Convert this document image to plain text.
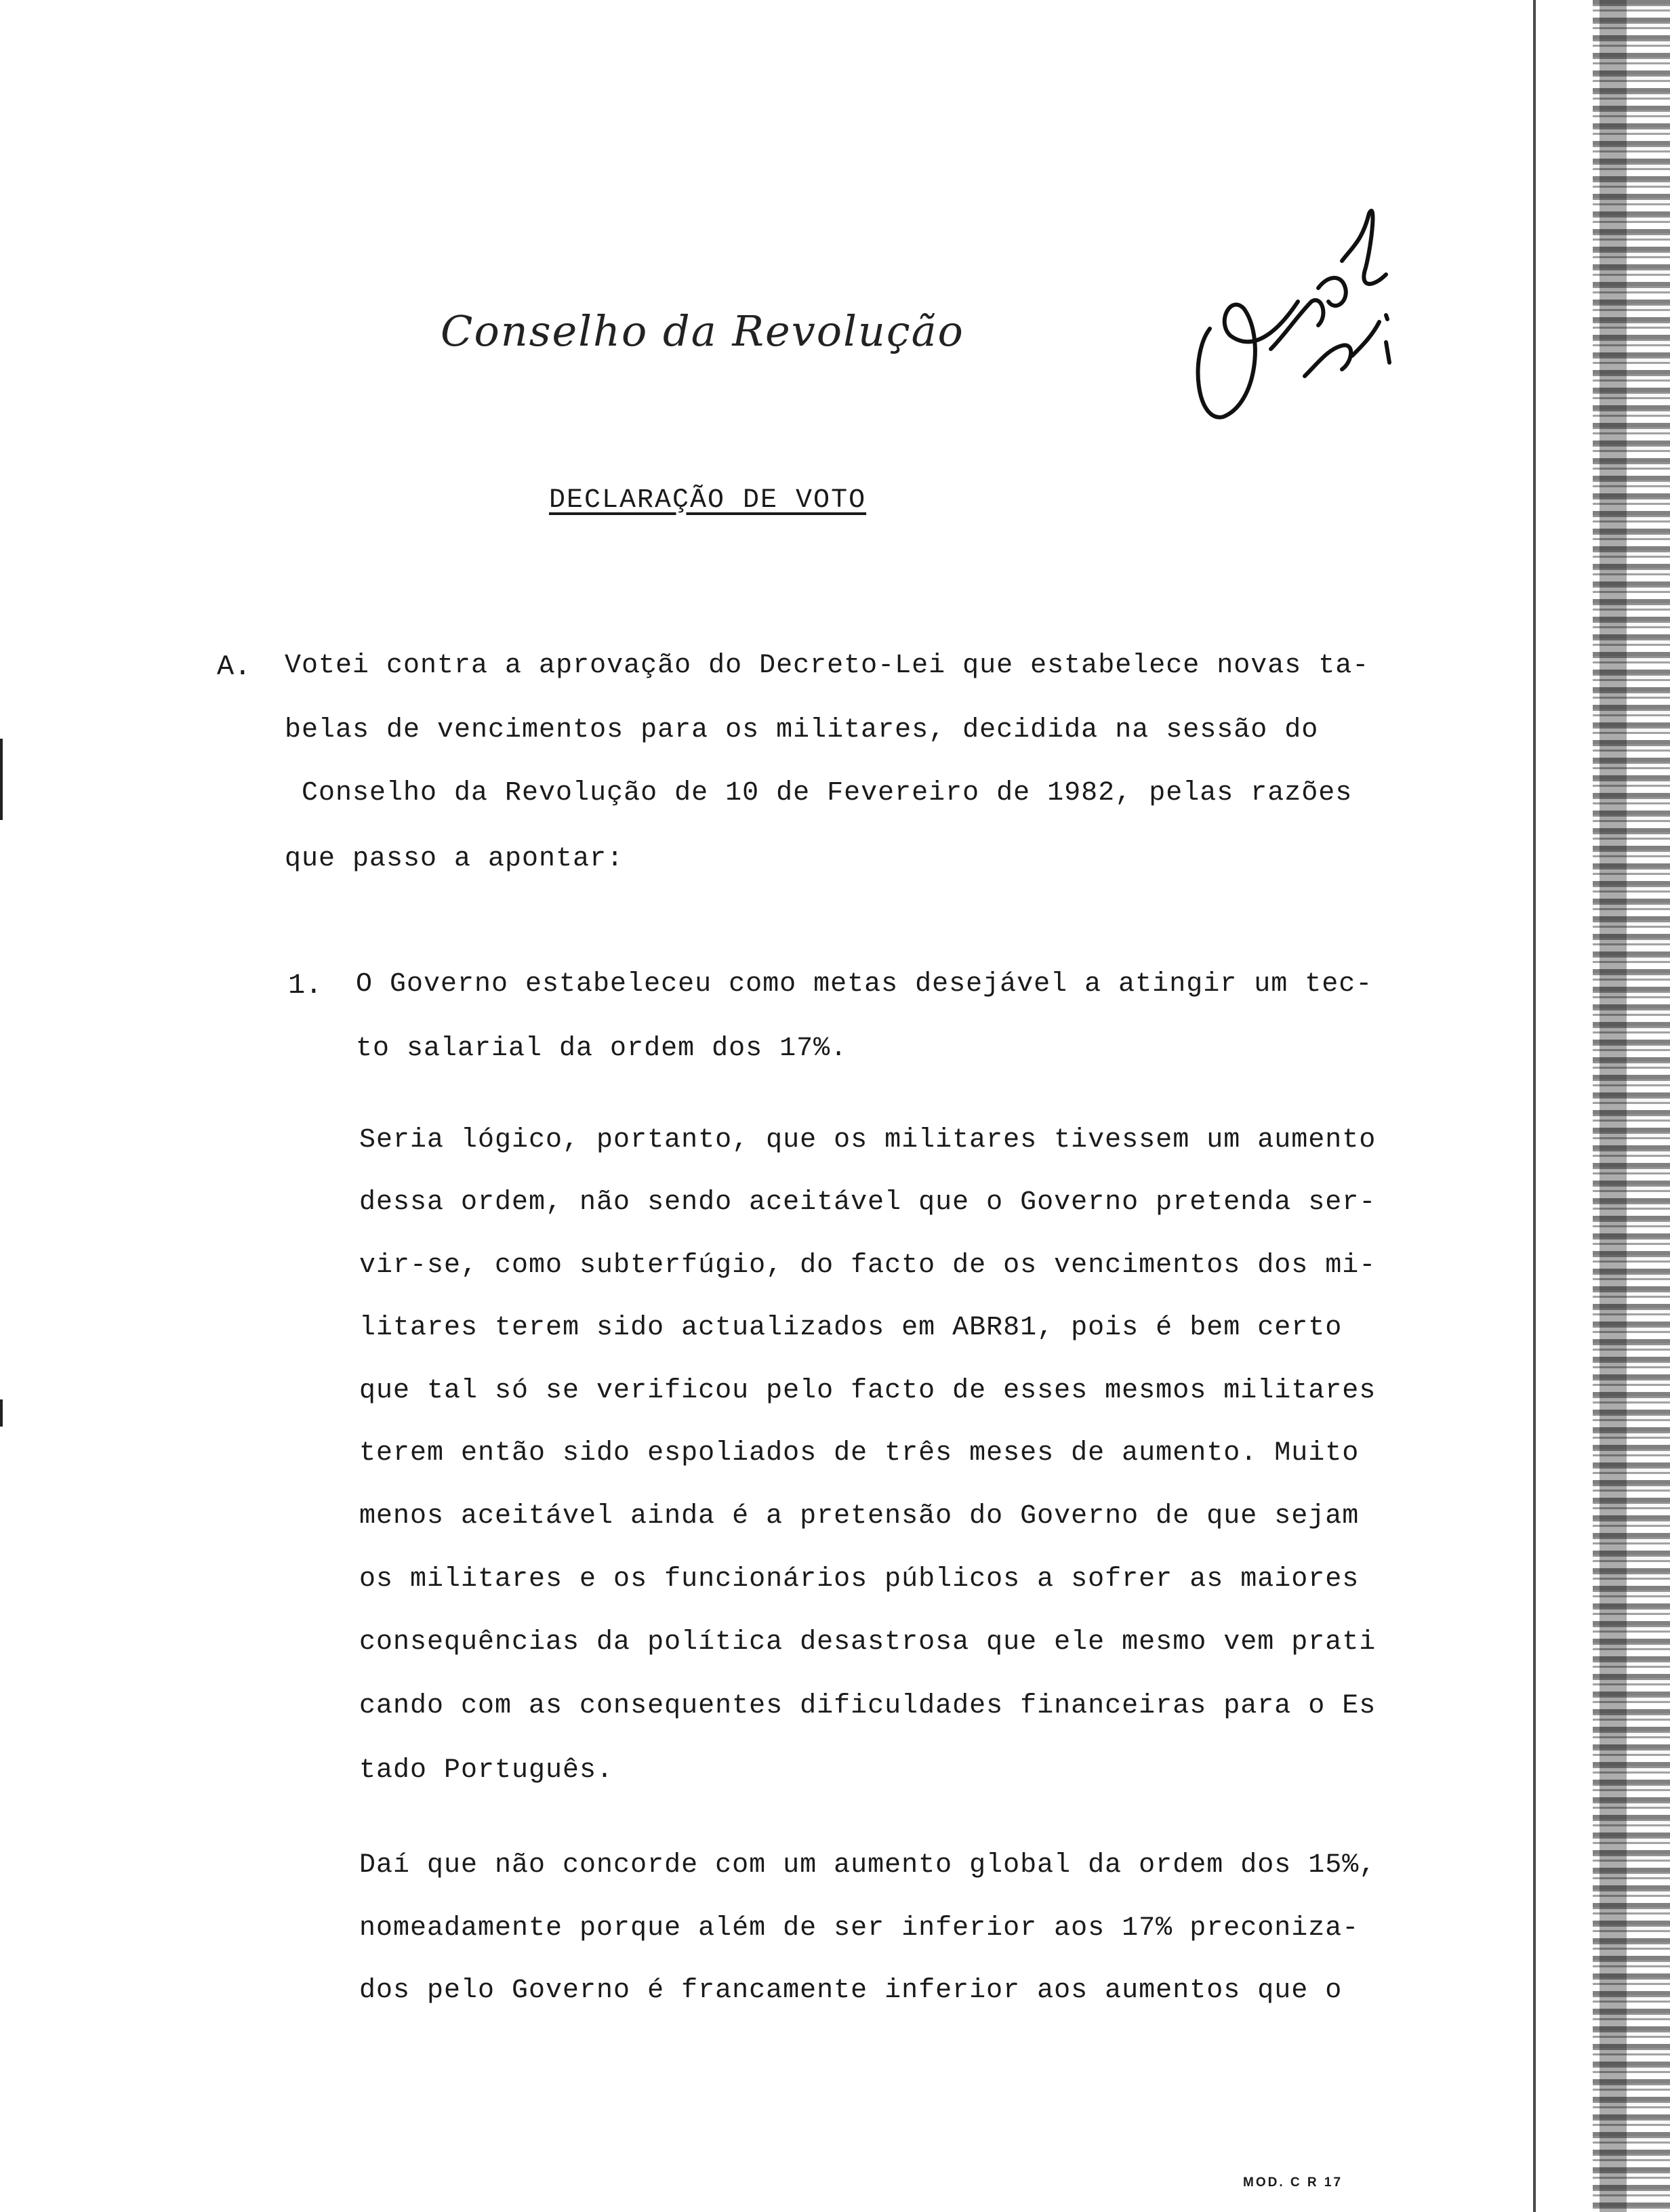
Conselho da Revolução
DECLARAÇÃO DE VOTO
A. Votei contra a aprovação do Decreto-Lei que estabelece novas ta-
belas de vencimentos para os militares, decidida na sessão do
Conselho da Revolução de 10 de Fevereiro de 1982, pelas razões
que passo a apontar:
1. O Governo estabeleceu como metas desejável a atingir um tec-
to salarial da ordem dos 17%.
Seria lógico, portanto, que os militares tivessem um aumento
dessa ordem, não sendo aceitável que o Governo pretenda ser-
vir-se, como subterfúgio, do facto de os vencimentos dos mi-
litares terem sido actualizados em ABR81, pois é bem certo
que tal só se verificou pelo facto de esses mesmos militares
terem então sido espoliados de três meses de aumento. Muito
menos aceitável ainda é a pretensão do Governo de que sejam
os militares e os funcionários públicos a sofrer as maiores
consequências da política desastrosa que ele mesmo vem prati
cando com as consequentes dificuldades financeiras para o Es
tado Português.
Daí que não concorde com um aumento global da ordem dos 15%,
nomeadamente porque além de ser inferior aos 17% preconiza-
dos pelo Governo é francamente inferior aos aumentos que o
MOD. C R 17
